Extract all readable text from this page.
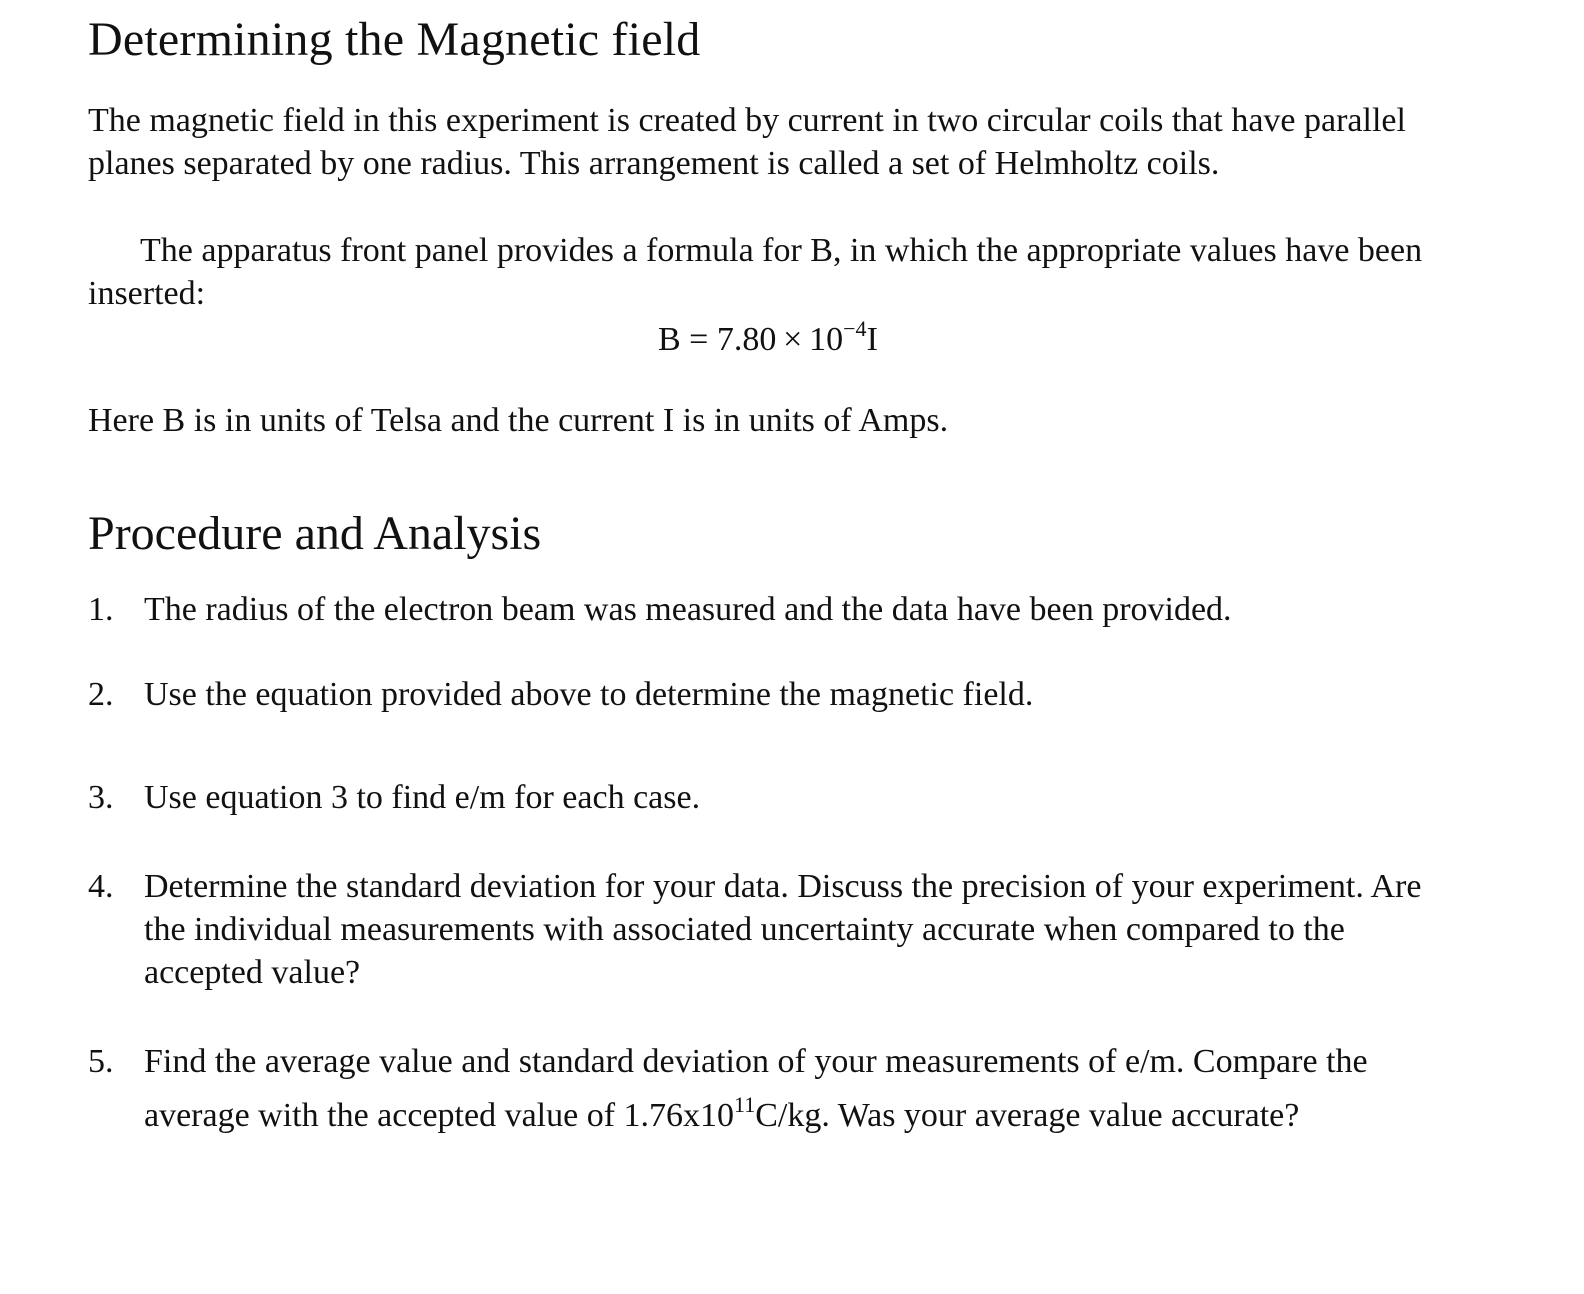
Determining the Magnetic field

The magnetic field in this experiment is created by current in two circular coils that have parallel planes separated by one radius. This arrangement is called a set of Helmholtz coils.

The apparatus front panel provides a formula for B, in which the appropriate values have been inserted:

$B = 7.80 \times 10^{-4}I$

Here B is in units of Telsa and the current I is in units of Amps.

Procedure and Analysis
1. The radius of the electron beam was measured and the data have been provided.
2. Use the equation provided above to determine the magnetic field.
3. Use equation 3 to find e/m for each case.
4. Determine the standard deviation for your data. Discuss the precision of your experiment. Are the individual measurements with associated uncertainty accurate when compared to the accepted value?
5. Find the average value and standard deviation of your measurements of e/m. Compare the average with the accepted value of $1.76x10^{11}C/kg$. Was your average value accurate?
